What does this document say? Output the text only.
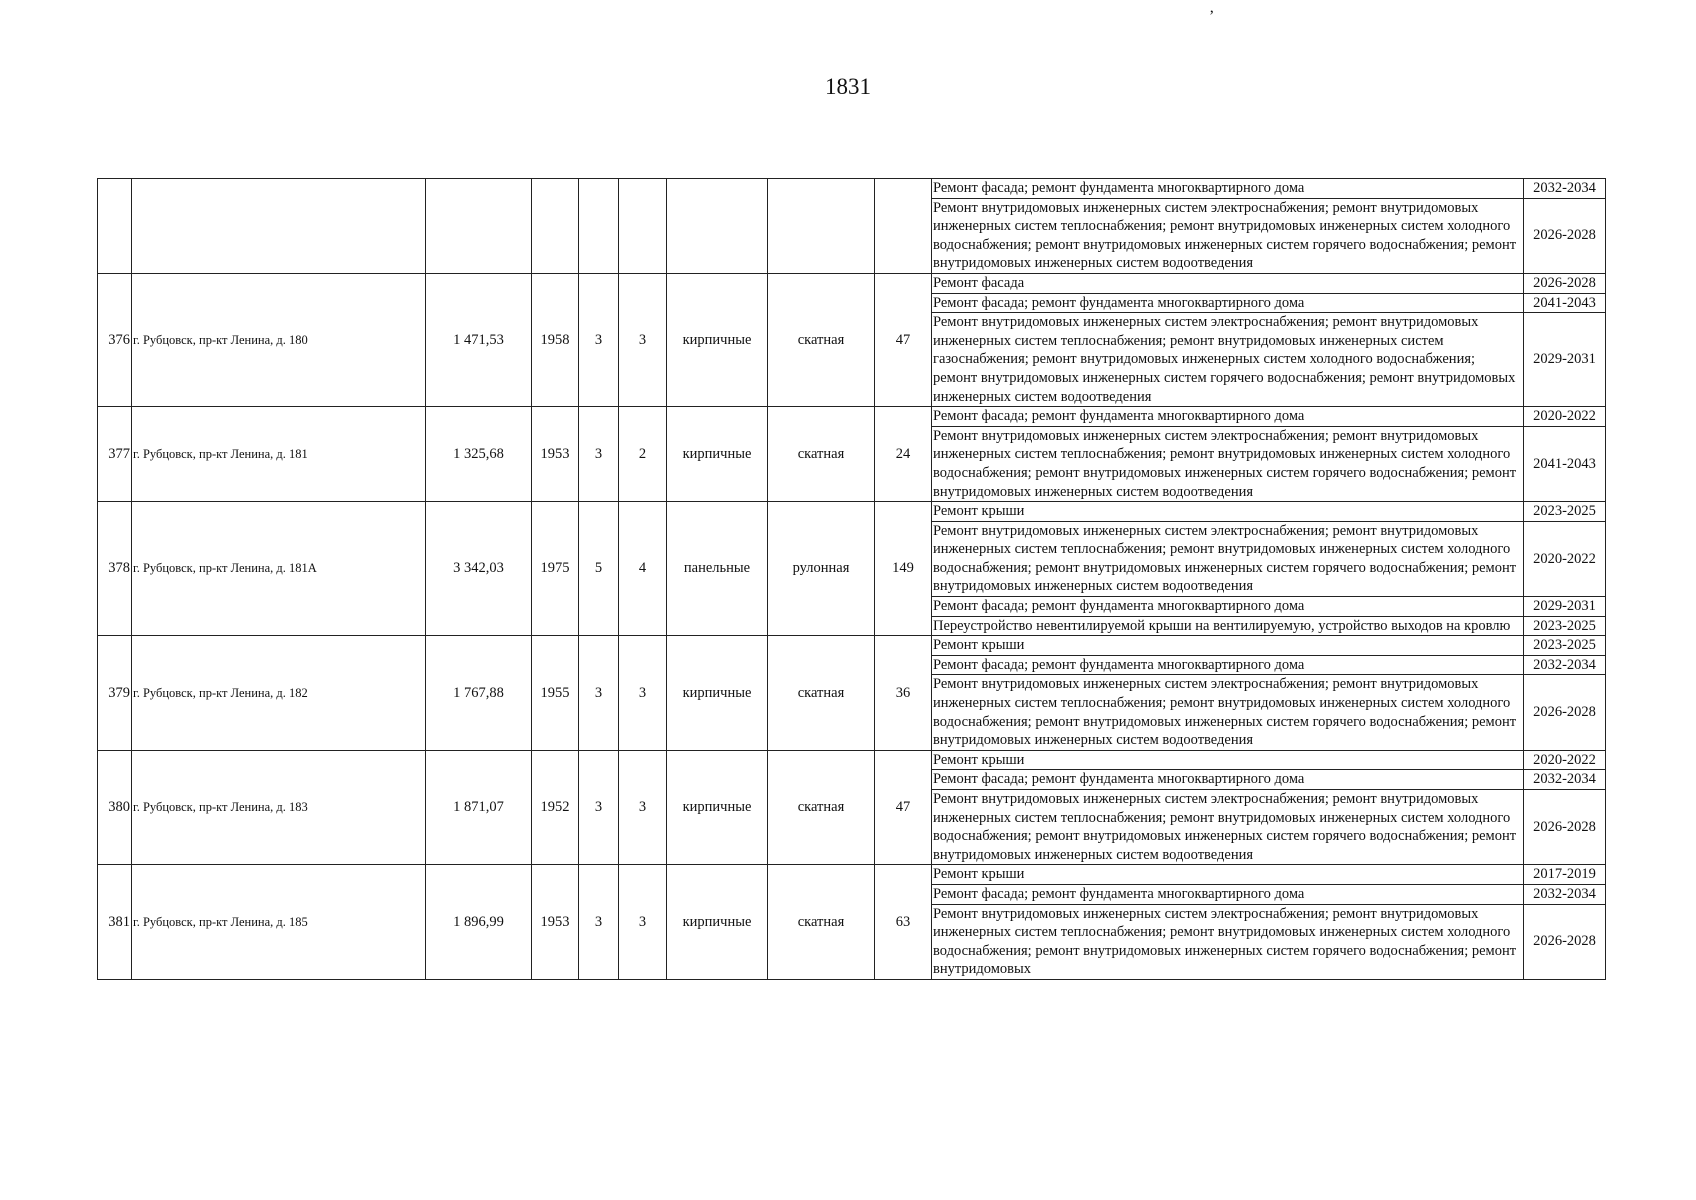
1831
ʼ
									Ремонт фасада; ремонт фундамента многоквартирного дома	2032-2034
									Ремонт внутридомовых инженерных систем электроснабжения; ремонт внутридомовых инженерных систем теплоснабжения; ремонт внутридомовых инженерных систем холодного водоснабжения; ремонт внутридомовых инженерных систем горячего водоснабжения; ремонт внутридомовых инженерных систем водоотведения	2026-2028
376	г. Рубцовск, пр-кт Ленина, д. 180	1 471,53	1958	3	3	кирпичные	скатная	47	Ремонт фасада	2026-2028
									Ремонт фасада; ремонт фундамента многоквартирного дома	2041-2043
									Ремонт внутридомовых инженерных систем электроснабжения; ремонт внутридомовых инженерных систем теплоснабжения; ремонт внутридомовых инженерных систем газоснабжения; ремонт внутридомовых инженерных систем холодного водоснабжения; ремонт внутридомовых инженерных систем горячего водоснабжения; ремонт внутридомовых инженерных систем водоотведения	2029-2031
377	г. Рубцовск, пр-кт Ленина, д. 181	1 325,68	1953	3	2	кирпичные	скатная	24	Ремонт фасада; ремонт фундамента многоквартирного дома	2020-2022
									Ремонт внутридомовых инженерных систем электроснабжения; ремонт внутридомовых инженерных систем теплоснабжения; ремонт внутридомовых инженерных систем холодного водоснабжения; ремонт внутридомовых инженерных систем горячего водоснабжения; ремонт внутридомовых инженерных систем водоотведения	2041-2043
378	г. Рубцовск, пр-кт Ленина, д. 181А	3 342,03	1975	5	4	панельные	рулонная	149	Ремонт крыши	2023-2025
									Ремонт внутридомовых инженерных систем электроснабжения; ремонт внутридомовых инженерных систем теплоснабжения; ремонт внутридомовых инженерных систем холодного водоснабжения; ремонт внутридомовых инженерных систем горячего водоснабжения; ремонт внутридомовых инженерных систем водоотведения	2020-2022
									Ремонт фасада; ремонт фундамента многоквартирного дома	2029-2031
									Переустройство невентилируемой крыши на вентилируемую, устройство выходов на кровлю	2023-2025
379	г. Рубцовск, пр-кт Ленина, д. 182	1 767,88	1955	3	3	кирпичные	скатная	36	Ремонт крыши	2023-2025
									Ремонт фасада; ремонт фундамента многоквартирного дома	2032-2034
									Ремонт внутридомовых инженерных систем электроснабжения; ремонт внутридомовых инженерных систем теплоснабжения; ремонт внутридомовых инженерных систем холодного водоснабжения; ремонт внутридомовых инженерных систем горячего водоснабжения; ремонт внутридомовых инженерных систем водоотведения	2026-2028
380	г. Рубцовск, пр-кт Ленина, д. 183	1 871,07	1952	3	3	кирпичные	скатная	47	Ремонт крыши	2020-2022
									Ремонт фасада; ремонт фундамента многоквартирного дома	2032-2034
									Ремонт внутридомовых инженерных систем электроснабжения; ремонт внутридомовых инженерных систем теплоснабжения; ремонт внутридомовых инженерных систем холодного водоснабжения; ремонт внутридомовых инженерных систем горячего водоснабжения; ремонт внутридомовых инженерных систем водоотведения	2026-2028
381	г. Рубцовск, пр-кт Ленина, д. 185	1 896,99	1953	3	3	кирпичные	скатная	63	Ремонт крыши	2017-2019
									Ремонт фасада; ремонт фундамента многоквартирного дома	2032-2034
									Ремонт внутридомовых инженерных систем электроснабжения; ремонт внутридомовых инженерных систем теплоснабжения; ремонт внутридомовых инженерных систем холодного водоснабжения; ремонт внутридомовых инженерных систем горячего водоснабжения; ремонт внутридомовых	2026-2028
